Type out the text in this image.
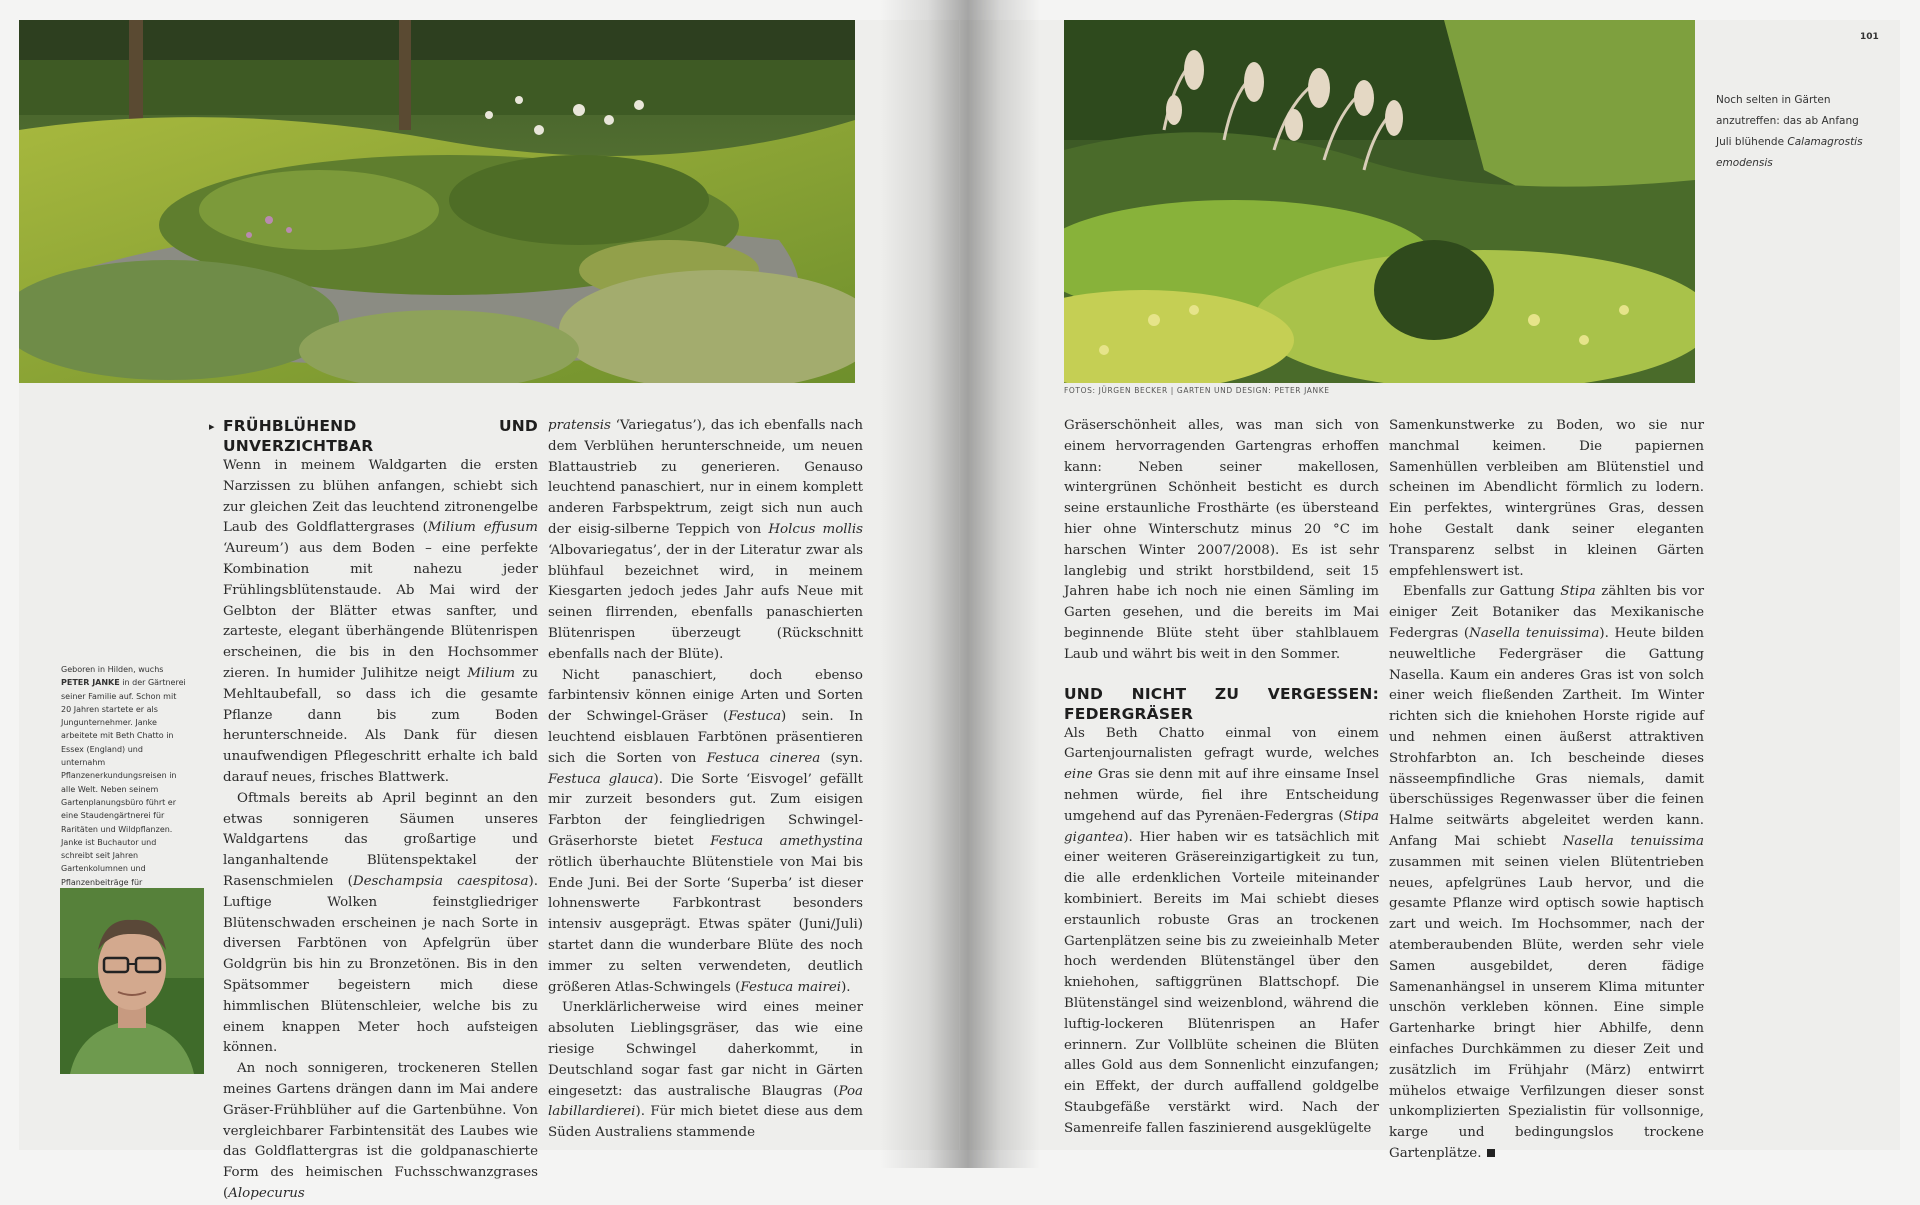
FOTOS: JÜRGEN BECKER | GARTEN UND DESIGN: PETER JANKE
101
Noch selten in Gärten anzutreffen: das ab Anfang Juli blühende Calamagrostis emodensis
Geboren in Hilden, wuchs PETER JANKE in der Gärtnerei seiner Familie auf. Schon mit 20 Jahren startete er als Jungunternehmer. Janke arbeitete mit Beth Chatto in Essex (England) und unternahm Pflanzenerkundungsreisen in alle Welt. Neben seinem Gartenplanungsbüro führt er eine Staudengärtnerei für Raritäten und Wildpflanzen. Janke ist Buchautor und schreibt seit Jahren Gartenkolumnen und Pflanzenbeiträge für
▸ FRÜHBLÜHEND UND UNVERZICHTBAR

Wenn in meinem Waldgarten die ersten Narzissen zu blühen anfangen, schiebt sich zur gleichen Zeit das leuchtend zitronengelbe Laub des Goldflattergrases (Milium effusum ‘Aureum’) aus dem Boden – eine perfekte Kombination mit nahezu jeder Frühlingsblütenstaude. Ab Mai wird der Gelbton der Blätter etwas sanfter, und zarteste, elegant überhängende Blütenrispen erscheinen, die bis in den Hochsommer zieren. In humider Julihitze neigt Milium zu Mehltaubefall, so dass ich die gesamte Pflanze dann bis zum Boden herunterschneide. Als Dank für diesen unaufwendigen Pflegeschritt erhalte ich bald darauf neues, frisches Blattwerk.

Oftmals bereits ab April beginnt an den etwas sonnigeren Säumen unseres Waldgartens das großartige und langanhaltende Blütenspektakel der Rasenschmielen (Deschampsia caespitosa). Luftige Wolken feinstgliedriger Blütenschwaden erscheinen je nach Sorte in diversen Farbtönen von Apfelgrün über Goldgrün bis hin zu Bronzetönen. Bis in den Spätsommer begeistern mich diese himmlischen Blütenschleier, welche bis zu einem knappen Meter hoch aufsteigen können.

An noch sonnigeren, trockeneren Stellen meines Gartens drängen dann im Mai andere Gräser-Frühblüher auf die Gartenbühne. Von vergleichbarer Farbintensität des Laubes wie das Goldflattergras ist die goldpanaschierte Form des heimischen Fuchsschwanzgrases (Alopecurus

pratensis ‘Variegatus’), das ich ebenfalls nach dem Verblühen herunterschneide, um neuen Blattaustrieb zu generieren. Genauso leuchtend panaschiert, nur in einem komplett anderen Farbspektrum, zeigt sich nun auch der eisig-silberne Teppich von Holcus mollis ‘Albovariegatus’, der in der Literatur zwar als blühfaul bezeichnet wird, in meinem Kiesgarten jedoch jedes Jahr aufs Neue mit seinen flirrenden, ebenfalls panaschierten Blütenrispen überzeugt (Rückschnitt ebenfalls nach der Blüte).

Nicht panaschiert, doch ebenso farbintensiv können einige Arten und Sorten der Schwingel-Gräser (Festuca) sein. In leuchtend eisblauen Farbtönen präsentieren sich die Sorten von Festuca cinerea (syn. Festuca glauca). Die Sorte ‘Eisvogel’ gefällt mir zurzeit besonders gut. Zum eisigen Farbton der feingliedrigen Schwingel-Gräserhorste bietet Festuca amethystina rötlich überhauchte Blütenstiele von Mai bis Ende Juni. Bei der Sorte ‘Superba’ ist dieser lohnenswerte Farbkontrast besonders intensiv ausgeprägt. Etwas später (Juni/Juli) startet dann die wunderbare Blüte des noch immer zu selten verwendeten, deutlich größeren Atlas-Schwingels (Festuca mairei).

Unerklärlicherweise wird eines meiner absoluten Lieblingsgräser, das wie eine riesige Schwingel daherkommt, in Deutschland sogar fast gar nicht in Gärten eingesetzt: das australische Blaugras (Poa labillardierei). Für mich bietet diese aus dem Süden Australiens stammende

Gräserschönheit alles, was man sich von einem hervorragenden Gartengras erhoffen kann: Neben seiner makellosen, wintergrünen Schönheit besticht es durch seine erstaunliche Frosthärte (es übersteand hier ohne Winterschutz minus 20 °C im harschen Winter 2007/2008). Es ist sehr langlebig und strikt horstbildend, seit 15 Jahren habe ich noch nie einen Sämling im Garten gesehen, und die bereits im Mai beginnende Blüte steht über stahlblauem Laub und währt bis weit in den Sommer.

UND NICHT ZU VERGESSEN: FEDERGRÄSER

Als Beth Chatto einmal von einem Gartenjournalisten gefragt wurde, welches eine Gras sie denn mit auf ihre einsame Insel nehmen würde, fiel ihre Entscheidung umgehend auf das Pyrenäen-Federgras (Stipa gigantea). Hier haben wir es tatsächlich mit einer weiteren Gräsereinzigartigkeit zu tun, die alle erdenklichen Vorteile miteinander kombiniert. Bereits im Mai schiebt dieses erstaunlich robuste Gras an trockenen Gartenplätzen seine bis zu zweieinhalb Meter hoch werdenden Blütenstängel über den kniehohen, saftiggrünen Blattschopf. Die Blütenstängel sind weizenblond, während die luftig-lockeren Blütenrispen an Hafer erinnern. Zur Vollblüte scheinen die Blüten alles Gold aus dem Sonnenlicht einzufangen; ein Effekt, der durch auffallend goldgelbe Staubgefäße verstärkt wird. Nach der Samenreife fallen faszinierend ausgeklügelte

Samenkunstwerke zu Boden, wo sie nur manchmal keimen. Die papiernen Samenhüllen verbleiben am Blütenstiel und scheinen im Abendlicht förmlich zu lodern. Ein perfektes, wintergrünes Gras, dessen hohe Gestalt dank seiner eleganten Transparenz selbst in kleinen Gärten empfehlenswert ist.

Ebenfalls zur Gattung Stipa zählten bis vor einiger Zeit Botaniker das Mexikanische Federgras (Nasella tenuissima). Heute bilden neuweltliche Federgräser die Gattung Nasella. Kaum ein anderes Gras ist von solch einer weich fließenden Zartheit. Im Winter richten sich die kniehohen Horste rigide auf und nehmen einen äußerst attraktiven Strohfarbton an. Ich bescheinde dieses nässeempfindliche Gras niemals, damit überschüssiges Regenwasser über die feinen Halme seitwärts abgeleitet werden kann. Anfang Mai schiebt Nasella tenuissima zusammen mit seinen vielen Blütentrieben neues, apfelgrünes Laub hervor, und die gesamte Pflanze wird optisch sowie haptisch zart und weich. Im Hochsommer, nach der atemberaubenden Blüte, werden sehr viele Samen ausgebildet, deren fädige Samenanhängsel in unserem Klima mitunter unschön verkleben können. Eine simple Gartenharke bringt hier Abhilfe, denn einfaches Durchkämmen zu dieser Zeit und zusätzlich im Frühjahr (März) entwirrt mühelos etwaige Verfilzungen dieser sonst unkomplizierten Spezialistin für vollsonnige, karge und bedingungslos trockene Gartenplätze.
